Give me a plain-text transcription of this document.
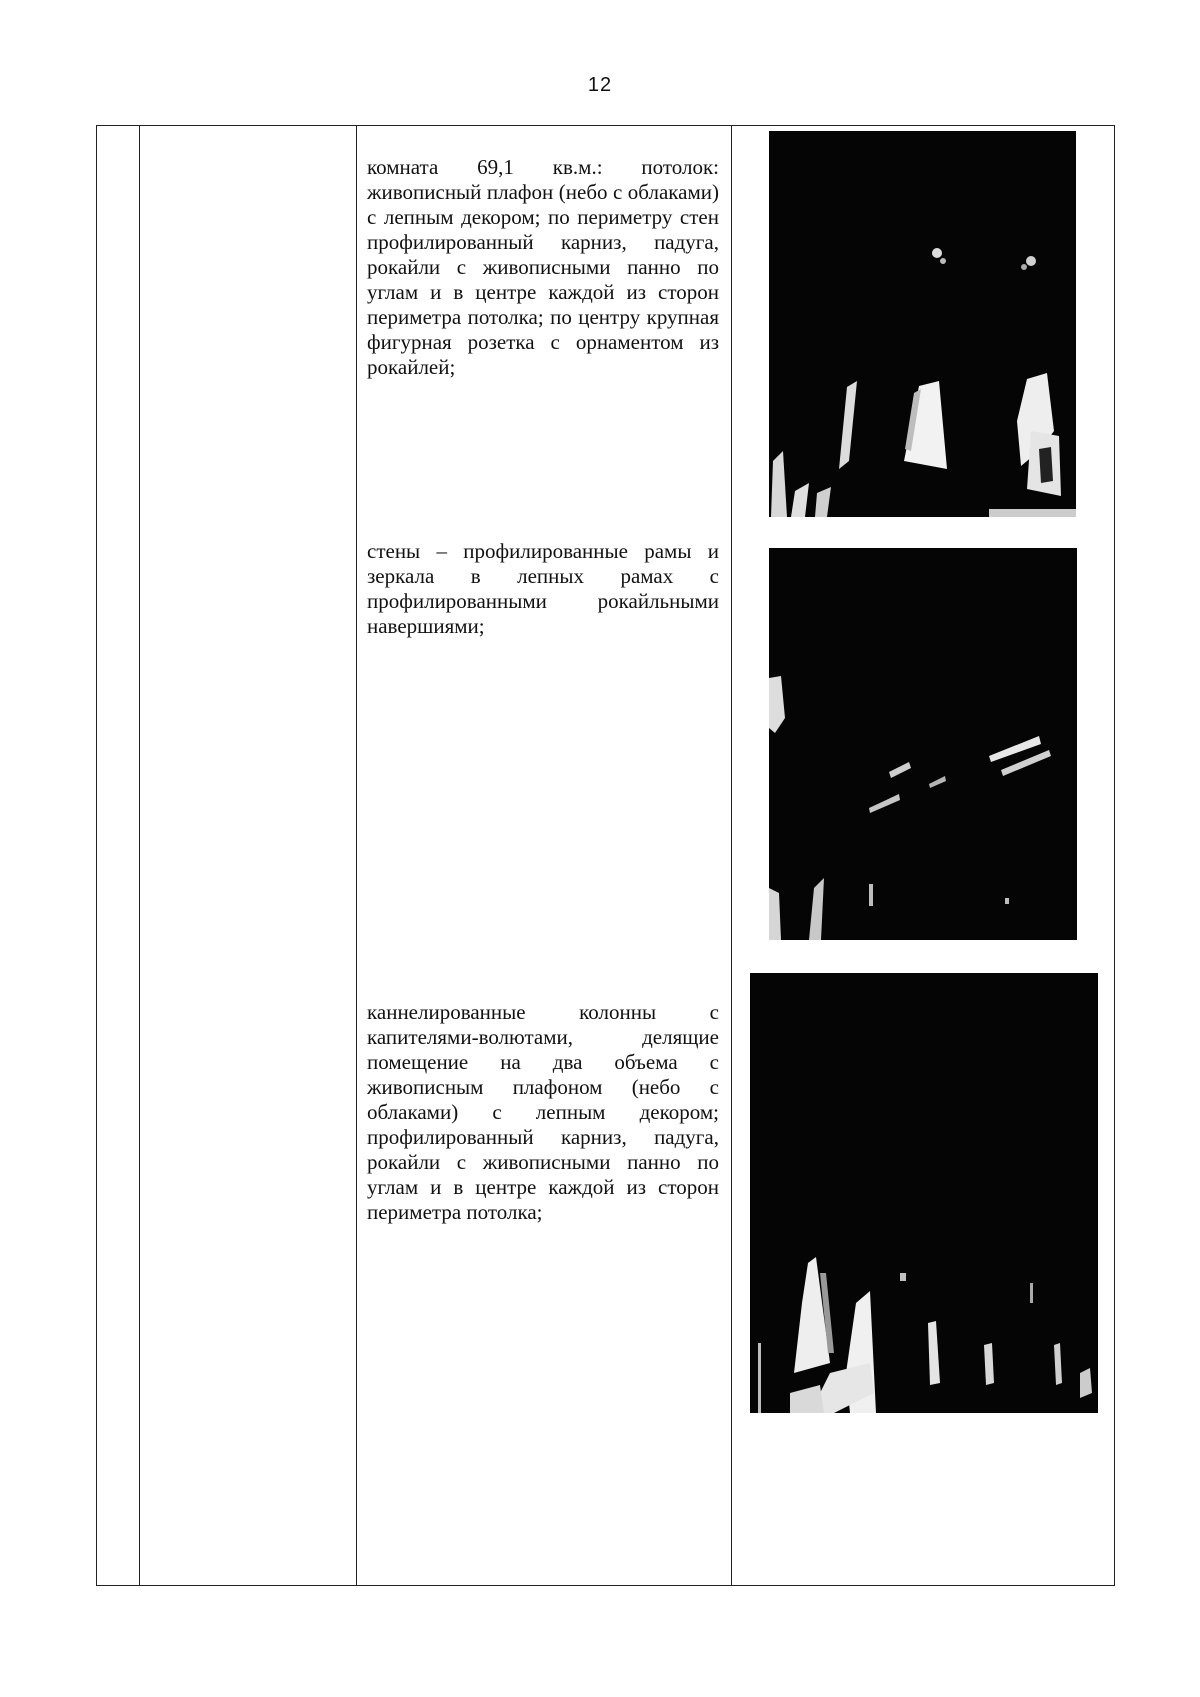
12

комната 69,1 кв.м.: потолок: живописный плафон (небо с облаками) с лепным декором; по периметру стен профилированный карниз, падуга, рокайли с живописными панно по углам и в центре каждой из сторон периметра потолка; по центру крупная фигурная розетка с орнаментом из рокайлей;

стены – профилированные рамы и зеркала в лепных рамах с профилированными рокайльными навершиями;

каннелированные колонны с капителями-волютами, делящие помещение на два объема с живописным плафоном (небо с облаками) с лепным декором; профилированный карниз, падуга, рокайли с живописными панно по углам и в центре каждой из сторон периметра потолка;
